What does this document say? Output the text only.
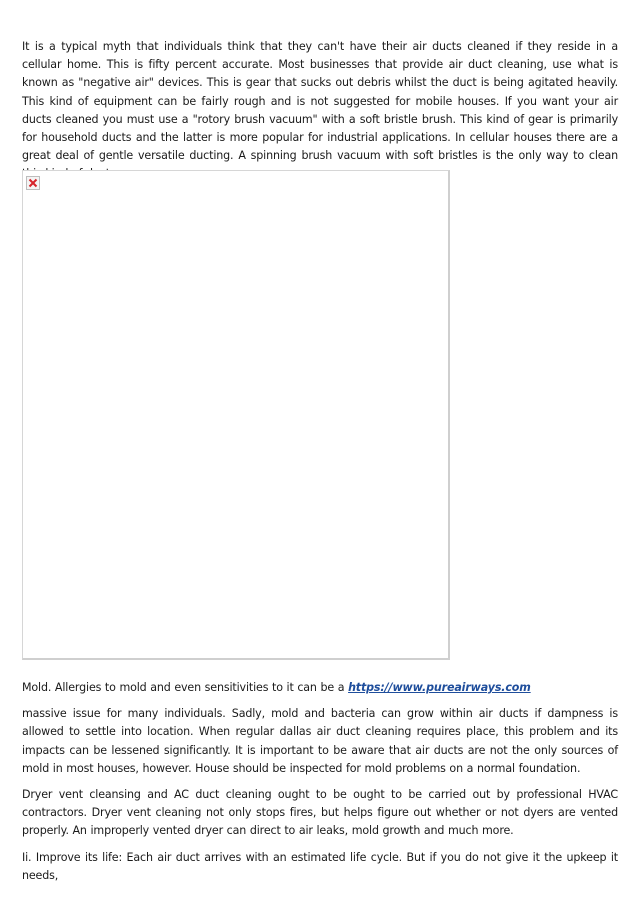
It is a typical myth that individuals think that they can't have their air ducts cleaned if they reside in a cellular home. This is fifty percent accurate. Most businesses that provide air duct cleaning, use what is known as "negative air" devices. This is gear that sucks out debris whilst the duct is being agitated heavily. This kind of equipment can be fairly rough and is not suggested for mobile houses. If you want your air ducts cleaned you must use a "rotory brush vacuum" with a soft bristle brush. This kind of gear is primarily for household ducts and the latter is more popular for industrial applications. In cellular houses there are a great deal of gentle versatile ducting. A spinning brush vacuum with soft bristles is the only way to clean

Mold. Allergies to mold and even sensitivities to it can be a https://www.pureairways.com

massive issue for many individuals. Sadly, mold and bacteria can grow within air ducts if dampness is allowed to settle into location. When regular dallas air duct cleaning requires place, this problem and its impacts can be lessened significantly. It is important to be aware that air ducts are not the only sources of mold in most houses, however. House should be inspected for mold problems on a normal foundation.

Dryer vent cleansing and AC duct cleaning ought to be ought to be carried out by professional HVAC contractors. Dryer vent cleaning not only stops fires, but helps figure out whether or not dyers are vented properly. An improperly vented dryer can direct to air leaks, mold growth and much more.

Ii. Improve its life: Each air duct arrives with an estimated life cycle. But if you do not give it the upkeep it needs,
